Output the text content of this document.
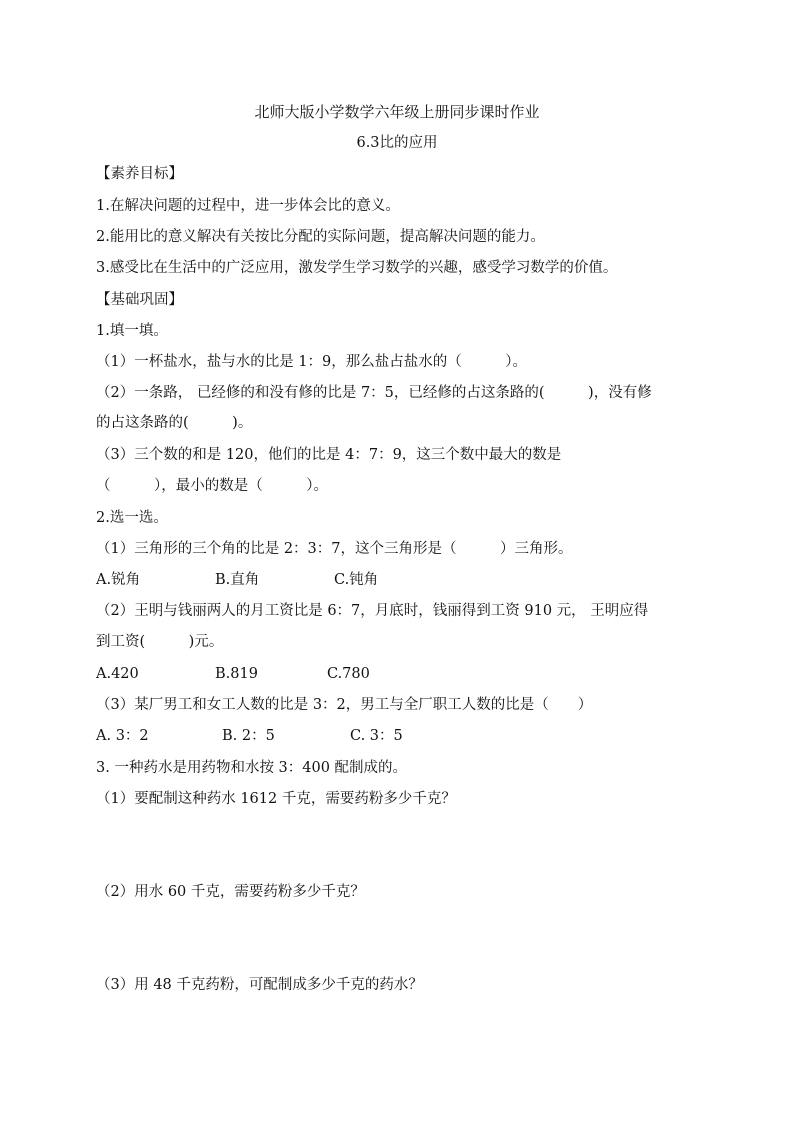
北师大版小学数学六年级上册同步课时作业
6.3比的应用
【素养目标】
1.在解决问题的过程中，进一步体会比的意义。
2.能用比的意义解决有关按比分配的实际问题，提高解决问题的能力。
3.感受比在生活中的广泛应用，激发学生学习数学的兴趣，感受学习数学的价值。
【基础巩固】
1.填一填。
（1）一杯盐水，盐与水的比是 1：9，那么盐占盐水的（　　　）。
（2）一条路， 已经修的和没有修的比是 7：5，已经修的占这条路的(　　　)，没有修
的占这条路的(　　　)。
（3）三个数的和是 120，他们的比是 4：7：9，这三个数中最大的数是
（　　　），最小的数是（　　　）。
2.选一选。
（1）三角形的三个角的比是 2：3：7，这个三角形是（　　　）三角形。
A.锐角	B.直角	C.钝角
（2）王明与钱丽两人的月工资比是 6：7，月底时，钱丽得到工资 910 元， 王明应得
到工资(　　　)元。
A.420	B.819	C.780
（3）某厂男工和女工人数的比是 3：2，男工与全厂职工人数的比是（　　）
A. 3：2	B. 2：5	C. 3：5
3. 一种药水是用药物和水按 3：400 配制成的。
（1）要配制这种药水 1612 千克，需要药粉多少千克？
（2）用水 60 千克，需要药粉多少千克？
（3）用 48 千克药粉，可配制成多少千克的药水？
